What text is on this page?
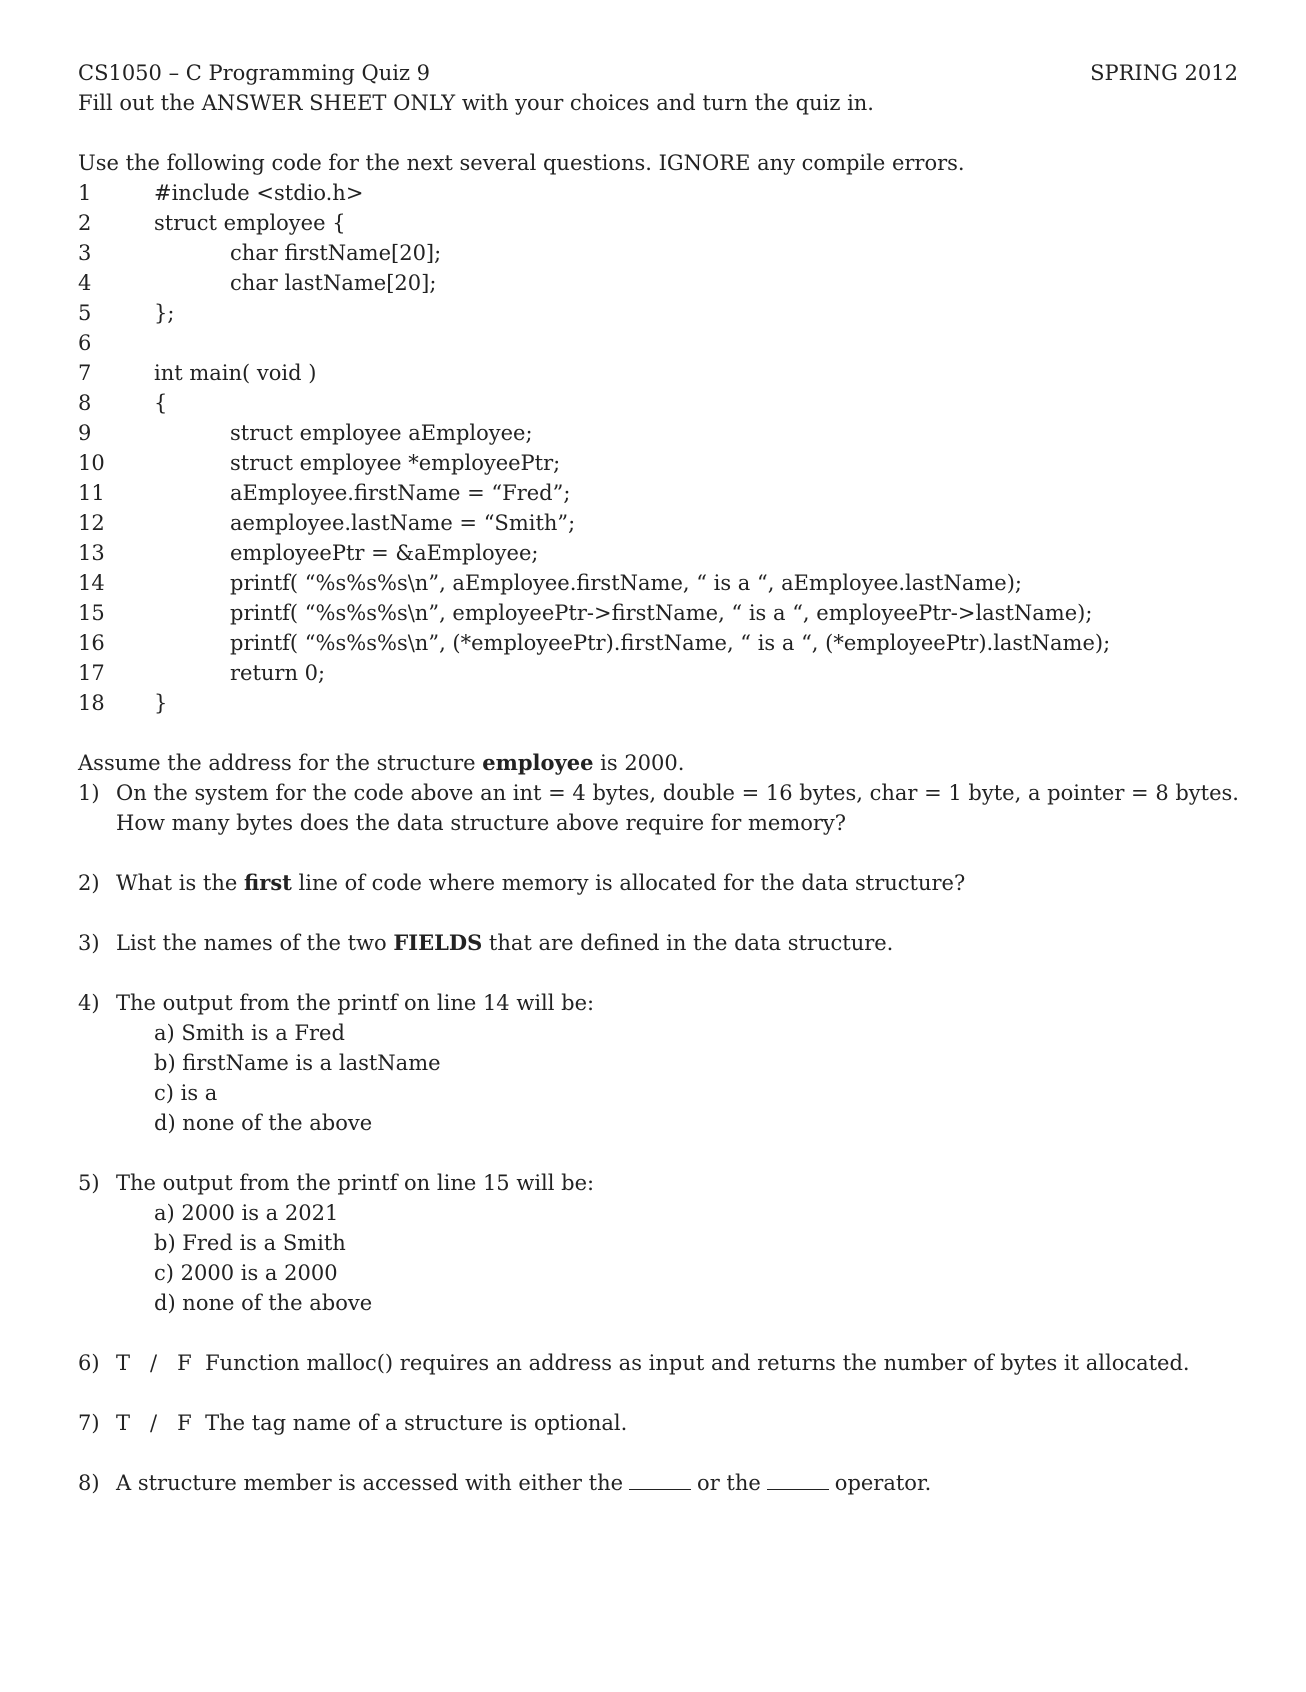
CS1050 – C Programming Quiz 9	SPRING 2012
Fill out the ANSWER SHEET ONLY with your choices and turn the quiz in.
Use the following code for the next several questions. IGNORE any compile errors.
1	#include <stdio.h>
2	struct employee {
3	char firstName[20];
4	char lastName[20];
5	};
6
7	int main( void )
8	{
9	struct employee aEmployee;
10	struct employee *employeePtr;
11	aEmployee.firstName = “Fred”;
12	aemployee.lastName = “Smith”;
13	employeePtr = &aEmployee;
14	printf( “%s%s%s\n”, aEmployee.firstName, “ is a “, aEmployee.lastName);
15	printf( “%s%s%s\n”, employeePtr->firstName, “ is a “, employeePtr->lastName);
16	printf( “%s%s%s\n”, (*employeePtr).firstName, “ is a “, (*employeePtr).lastName);
17	return 0;
18	}
Assume the address for the structure employee is 2000.
1) On the system for the code above an int = 4 bytes, double = 16 bytes, char = 1 byte, a pointer = 8 bytes.
How many bytes does the data structure above require for memory?
2) What is the first line of code where memory is allocated for the data structure?
3) List the names of the two FIELDS that are defined in the data structure.
4) The output from the printf on line 14 will be:
a) Smith is a Fred
b) firstName is a lastName
c) is a
d) none of the above
5) The output from the printf on line 15 will be:
a) 2000 is a 2021
b) Fred is a Smith
c) 2000 is a 2000
d) none of the above
6) T   /   F Function malloc() requires an address as input and returns the number of bytes it allocated.
7) T   /   F The tag name of a structure is optional.
8) A structure member is accessed with either the	or the	operator.
